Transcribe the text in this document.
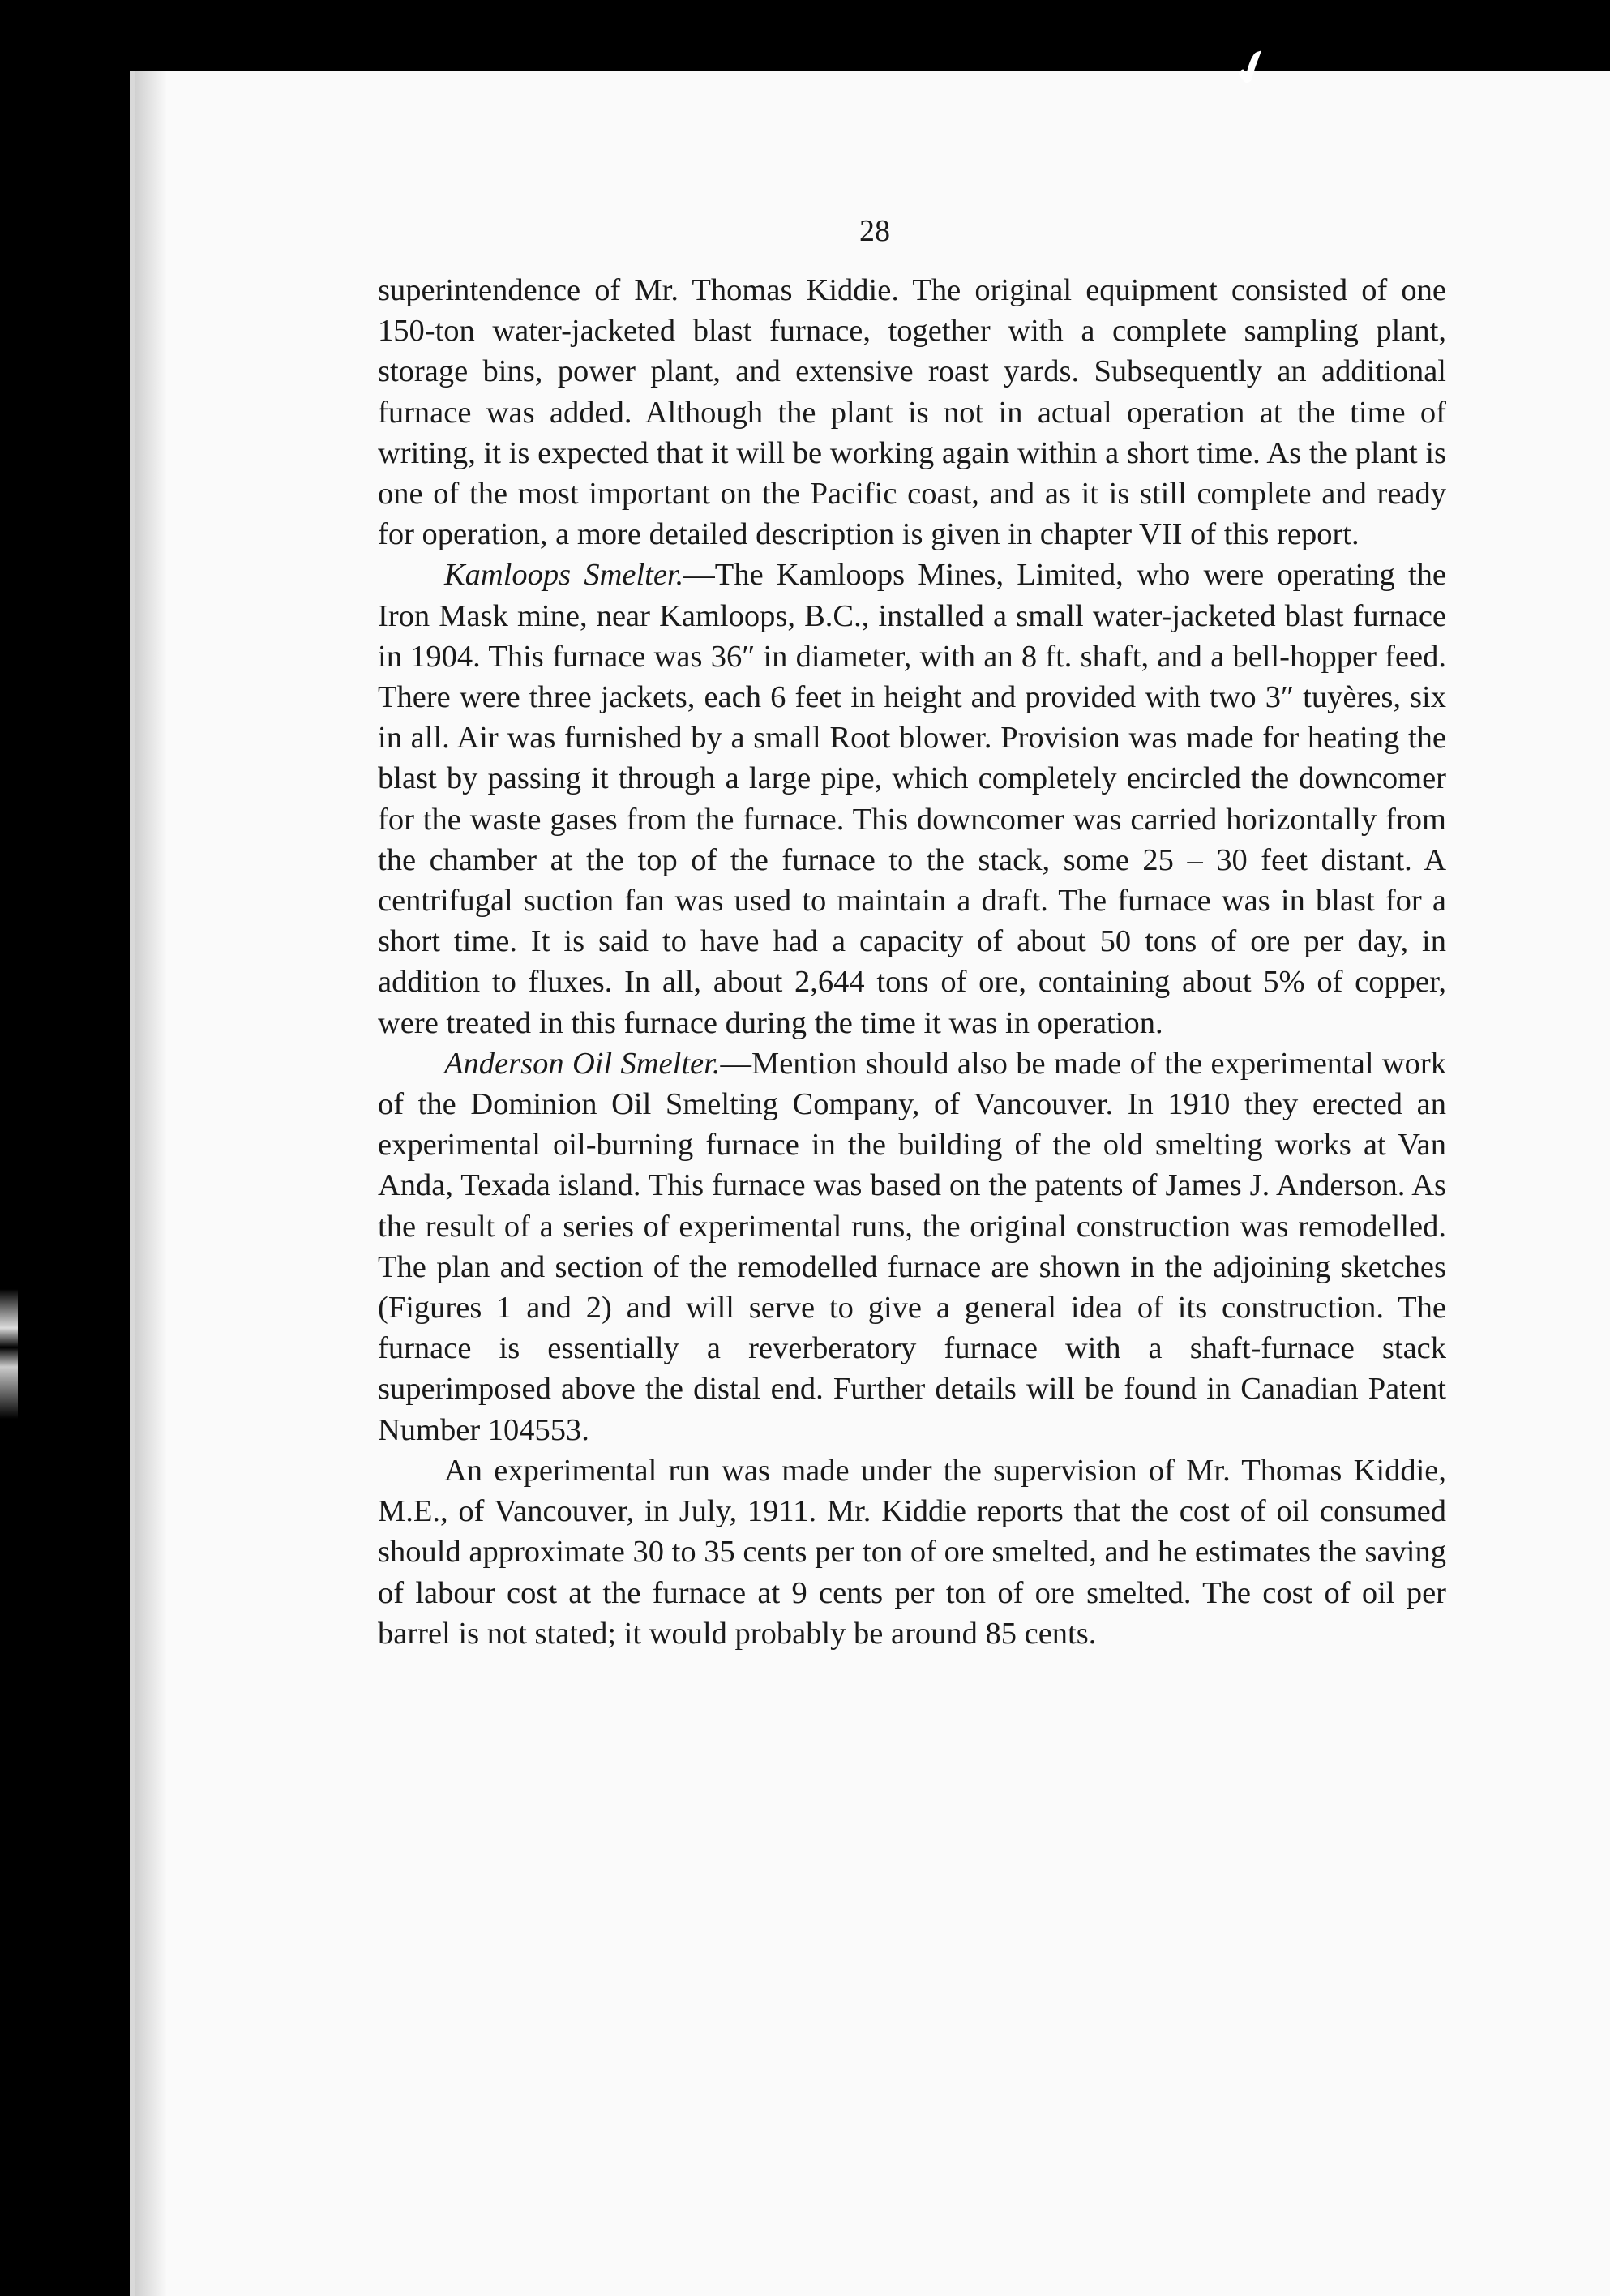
28

superintendence of Mr. Thomas Kiddie. The original equipment consisted of one 150-ton water-jacketed blast furnace, together with a complete sampling plant, storage bins, power plant, and extensive roast yards. Subsequently an additional furnace was added. Although the plant is not in actual operation at the time of writing, it is expected that it will be working again within a short time. As the plant is one of the most important on the Pacific coast, and as it is still complete and ready for operation, a more detailed description is given in chapter VII of this report.

Kamloops Smelter.—The Kamloops Mines, Limited, who were operating the Iron Mask mine, near Kamloops, B.C., installed a small water-jacketed blast furnace in 1904. This furnace was 36″ in diameter, with an 8 ft. shaft, and a bell-hopper feed. There were three jackets, each 6 feet in height and provided with two 3″ tuyères, six in all. Air was furnished by a small Root blower. Provision was made for heating the blast by passing it through a large pipe, which completely encircled the downcomer for the waste gases from the furnace. This downcomer was carried horizontally from the chamber at the top of the furnace to the stack, some 25 – 30 feet distant. A centrifugal suction fan was used to maintain a draft. The furnace was in blast for a short time. It is said to have had a capacity of about 50 tons of ore per day, in addition to fluxes. In all, about 2,644 tons of ore, containing about 5% of copper, were treated in this furnace during the time it was in operation.

Anderson Oil Smelter.—Mention should also be made of the experimental work of the Dominion Oil Smelting Company, of Vancouver. In 1910 they erected an experimental oil-burning furnace in the building of the old smelting works at Van Anda, Texada island. This furnace was based on the patents of James J. Anderson. As the result of a series of experimental runs, the original construction was remodelled. The plan and section of the remodelled furnace are shown in the adjoining sketches (Figures 1 and 2) and will serve to give a general idea of its construction. The furnace is essentially a reverberatory furnace with a shaft-furnace stack superimposed above the distal end. Further details will be found in Canadian Patent Number 104553.

An experimental run was made under the supervision of Mr. Thomas Kiddie, M.E., of Vancouver, in July, 1911. Mr. Kiddie reports that the cost of oil consumed should approximate 30 to 35 cents per ton of ore smelted, and he estimates the saving of labour cost at the furnace at 9 cents per ton of ore smelted. The cost of oil per barrel is not stated; it would probably be around 85 cents.

✔
